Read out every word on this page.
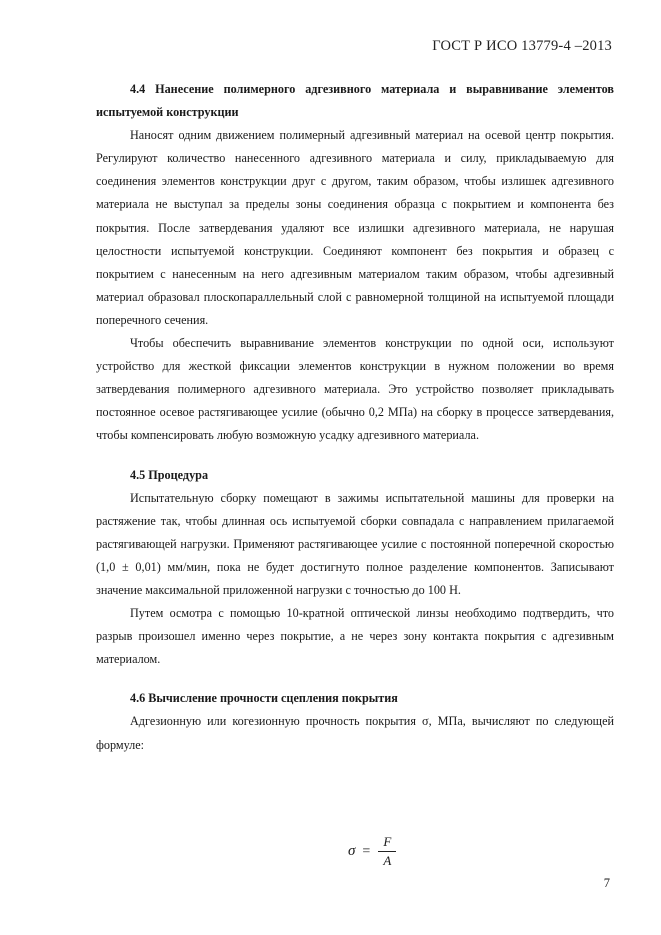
ГОСТ Р ИСО 13779-4 –2013

4.4 Нанесение полимерного адгезивного материала и выравнивание элементов испытуемой конструкции

Наносят одним движением полимерный адгезивный материал на осевой центр покрытия. Регулируют количество нанесенного адгезивного материала и силу, прикладываемую для соединения элементов конструкции друг с другом, таким образом, чтобы излишек адгезивного материала не выступал за пределы зоны соединения образца с покрытием и компонента без покрытия. После затвердевания удаляют все излишки адгезивного материала, не нарушая целостности испытуемой конструкции. Соединяют компонент без покрытия и образец с покрытием с нанесенным на него адгезивным материалом таким образом, чтобы адгезивный материал образовал плоскопараллельный слой с равномерной толщиной на испытуемой площади поперечного сечения.

Чтобы обеспечить выравнивание элементов конструкции по одной оси, используют устройство для жесткой фиксации элементов конструкции в нужном положении во время затвердевания полимерного адгезивного материала. Это устройство позволяет прикладывать постоянное осевое растягивающее усилие (обычно 0,2 МПа) на сборку в процессе затвердевания, чтобы компенсировать любую возможную усадку адгезивного материала.

4.5 Процедура

Испытательную сборку помещают в зажимы испытательной машины для проверки на растяжение так, чтобы длинная ось испытуемой сборки совпадала с направлением прилагаемой растягивающей нагрузки. Применяют растягивающее усилие с постоянной поперечной скоростью (1,0 ± 0,01) мм/мин, пока не будет достигнуто полное разделение компонентов. Записывают значение максимальной приложенной нагрузки с точностью до 100 Н.

Путем осмотра с помощью 10-кратной оптической линзы необходимо подтвердить, что разрыв произошел именно через покрытие, а не через зону контакта покрытия с адгезивным материалом.

4.6 Вычисление прочности сцепления покрытия

Адгезионную или когезионную прочность покрытия σ, МПа, вычисляют по следующей формуле:

$\sigma = \frac{F}{A}$
7
